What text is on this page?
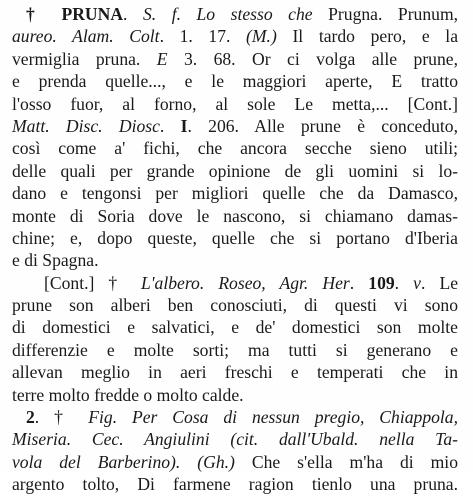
† PRUNA. S. f. Lo stesso che Prugna. Prunum,
aureo. Alam. Colt. 1. 17. (M.) Il tardo pero, e la
vermiglia pruna. E 3. 68. Or ci volga alle prune,
e prenda quelle..., e le maggiori aperte, E tratto
l'osso fuor, al forno, al sole Le metta,... [Cont.]
Matt. Disc. Diosc. I. 206. Alle prune è conceduto,
così come a' fichi, che ancora secche sieno utili;
delle quali per grande opinione de gli uomini si lo-
dano e tengonsi per migliori quelle che da Damasco,
monte di Soria dove le nascono, si chiamano damas-
chine; e, dopo queste, quelle che si portano d'Iberia
e di Spagna.
[Cont.] † L'albero. Roseo, Agr. Her. 109. v. Le
prune son alberi ben conosciuti, di questi vi sono
di domestici e salvatici, e de' domestici son molte
differenzie e molte sorti; ma tutti si generano e
allevan meglio in aeri freschi e temperati che in
terre molto fredde o molto calde.
2. † Fig. Per Cosa di nessun pregio, Chiappola,
Miseria. Cec. Angiulini (cit. dall'Ubald. nella Ta-
vola del Barberino). (Gh.) Che s'ella m'ha di mio
argento tolto, Di farmene ragion tienlo una pruna.
